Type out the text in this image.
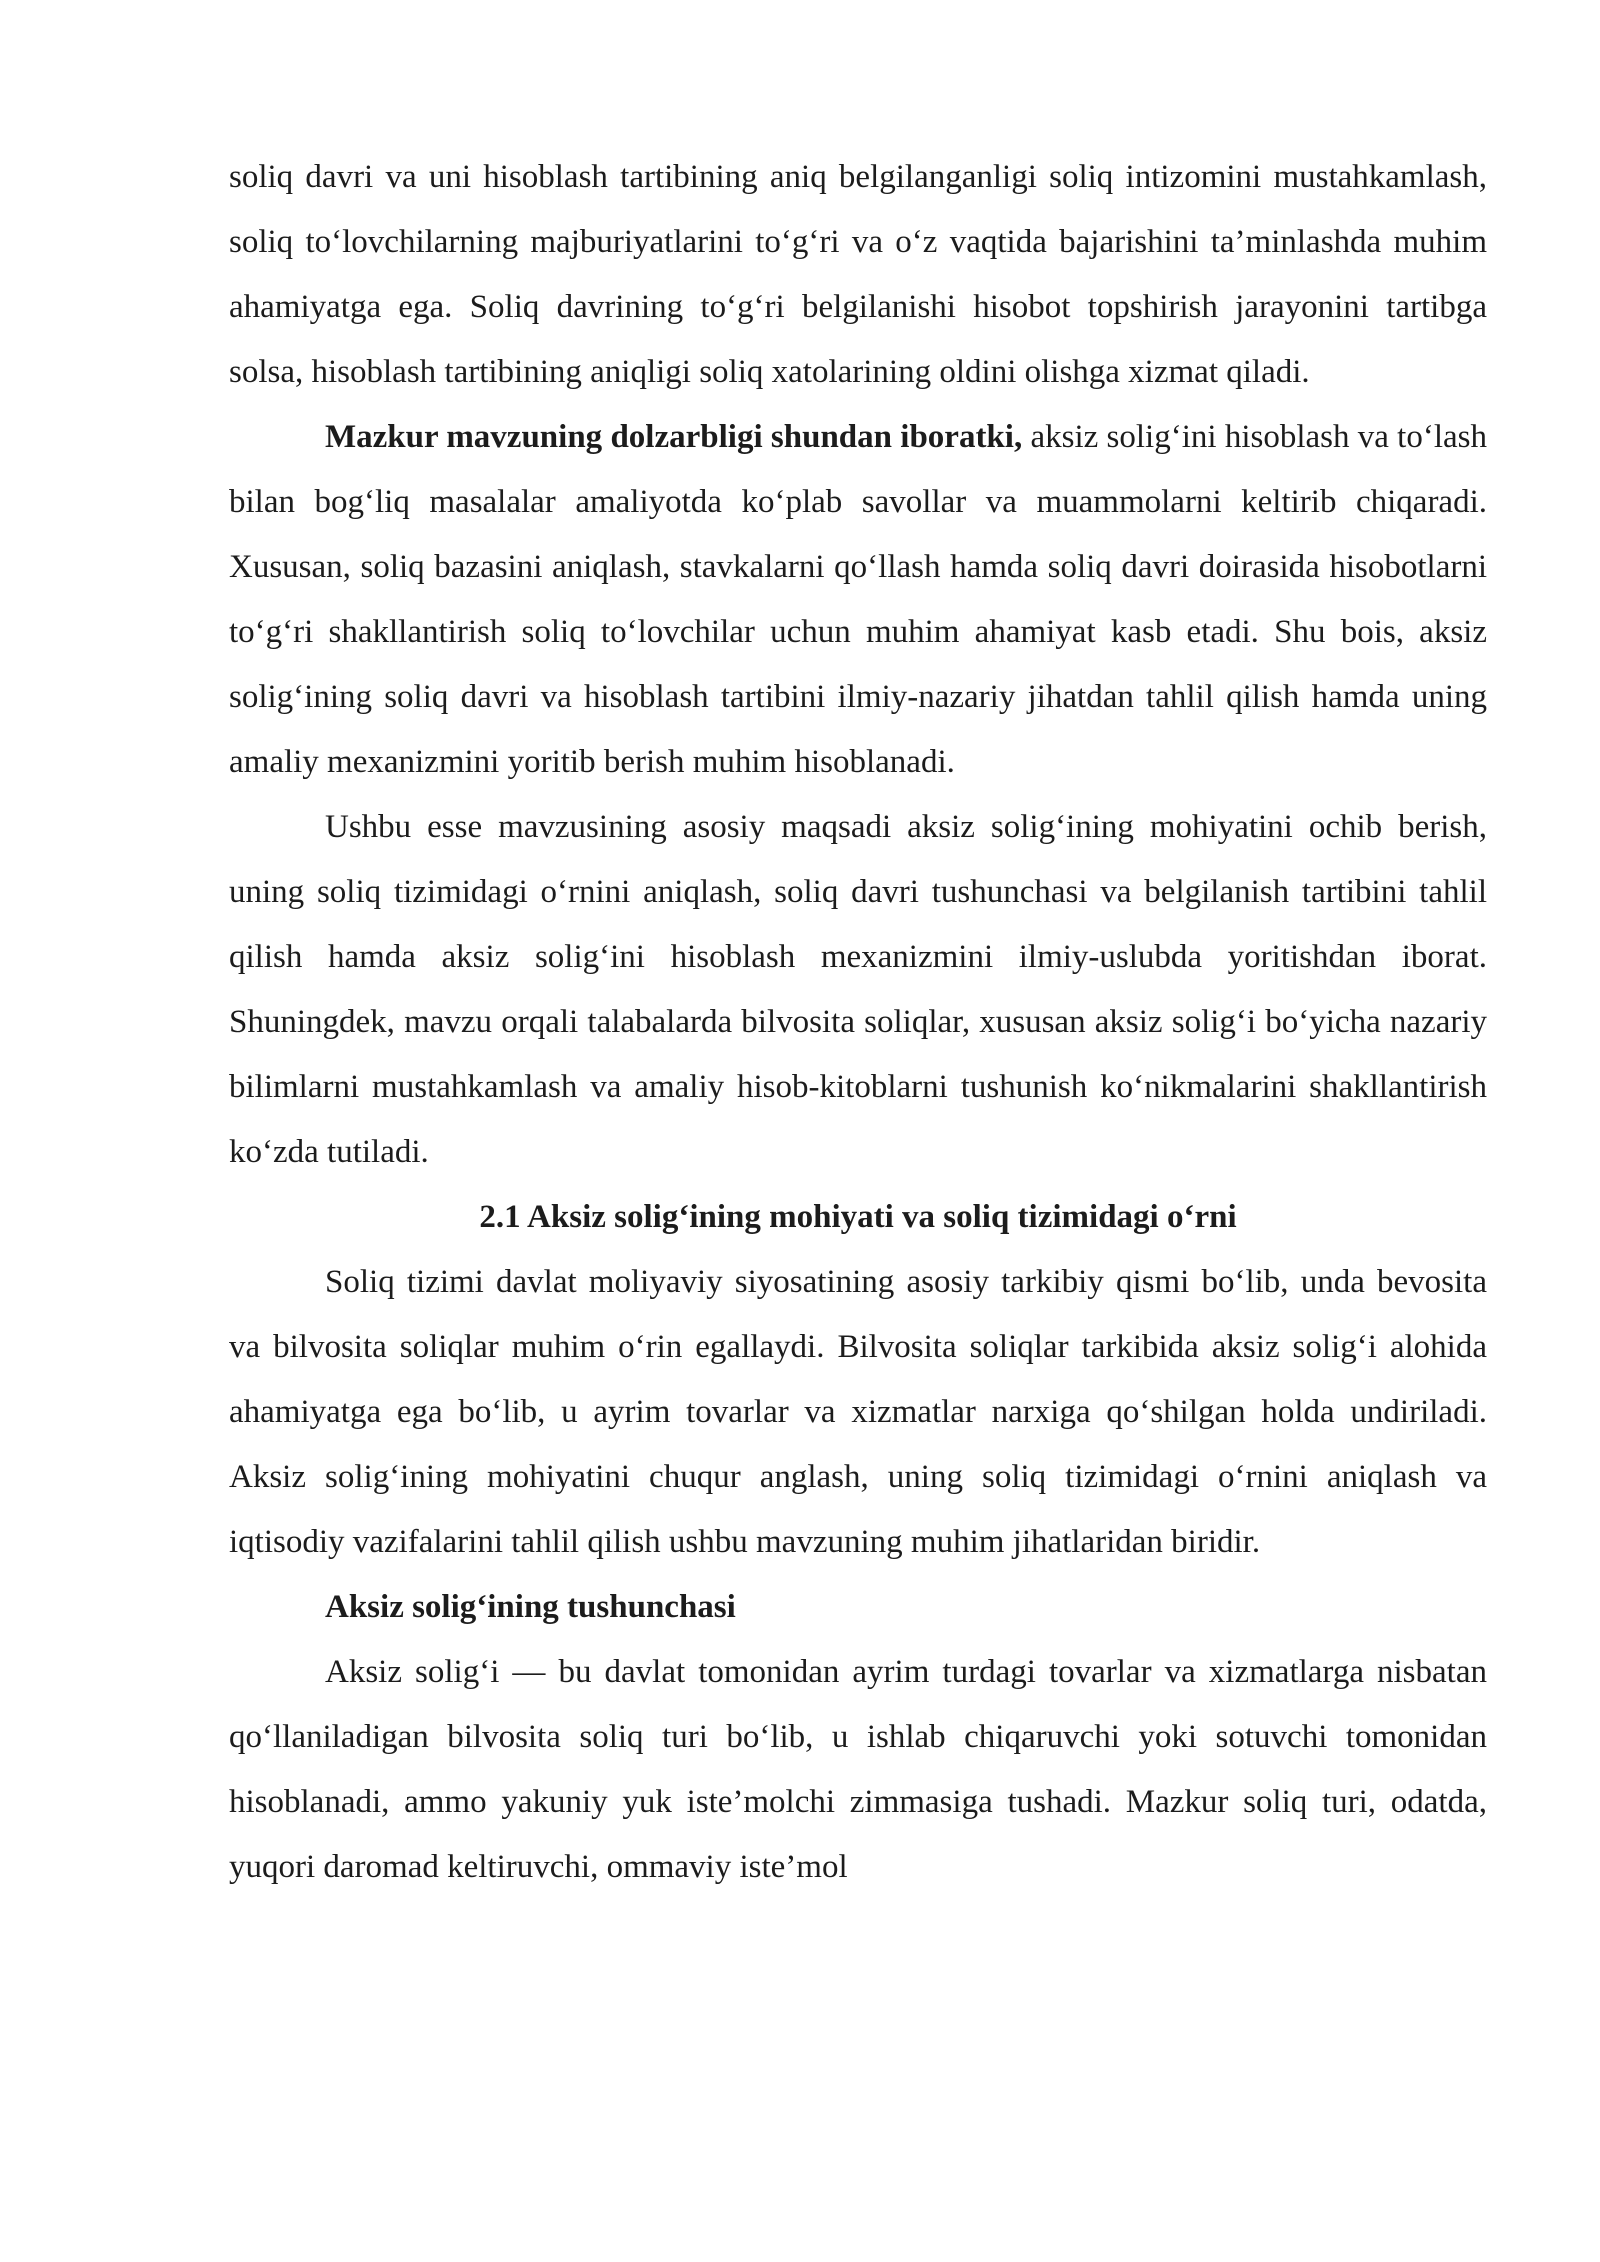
soliq davri va uni hisoblash tartibining aniq belgilanganligi soliq intizomini mustahkamlash, soliq to‘lovchilarning majburiyatlarini to‘g‘ri va o‘z vaqtida bajarishini ta’minlashda muhim ahamiyatga ega. Soliq davrining to‘g‘ri belgilanishi hisobot topshirish jarayonini tartibga solsa, hisoblash tartibining aniqligi soliq xatolarining oldini olishga xizmat qiladi.

Mazkur mavzuning dolzarbligi shundan iboratki, aksiz solig‘ini hisoblash va to‘lash bilan bog‘liq masalalar amaliyotda ko‘plab savollar va muammolarni keltirib chiqaradi. Xususan, soliq bazasini aniqlash, stavkalarni qo‘llash hamda soliq davri doirasida hisobotlarni to‘g‘ri shakllantirish soliq to‘lovchilar uchun muhim ahamiyat kasb etadi. Shu bois, aksiz solig‘ining soliq davri va hisoblash tartibini ilmiy-nazariy jihatdan tahlil qilish hamda uning amaliy mexanizmini yoritib berish muhim hisoblanadi.

Ushbu esse mavzusining asosiy maqsadi aksiz solig‘ining mohiyatini ochib berish, uning soliq tizimidagi o‘rnini aniqlash, soliq davri tushunchasi va belgilanish tartibini tahlil qilish hamda aksiz solig‘ini hisoblash mexanizmini ilmiy-uslubda yoritishdan iborat. Shuningdek, mavzu orqali talabalarda bilvosita soliqlar, xususan aksiz solig‘i bo‘yicha nazariy bilimlarni mustahkamlash va amaliy hisob-kitoblarni tushunish ko‘nikmalarini shakllantirish ko‘zda tutiladi.

2.1 Aksiz solig‘ining mohiyati va soliq tizimidagi o‘rni

Soliq tizimi davlat moliyaviy siyosatining asosiy tarkibiy qismi bo‘lib, unda bevosita va bilvosita soliqlar muhim o‘rin egallaydi. Bilvosita soliqlar tarkibida aksiz solig‘i alohida ahamiyatga ega bo‘lib, u ayrim tovarlar va xizmatlar narxiga qo‘shilgan holda undiriladi. Aksiz solig‘ining mohiyatini chuqur anglash, uning soliq tizimidagi o‘rnini aniqlash va iqtisodiy vazifalarini tahlil qilish ushbu mavzuning muhim jihatlaridan biridir.

Aksiz solig‘ining tushunchasi

Aksiz solig‘i — bu davlat tomonidan ayrim turdagi tovarlar va xizmatlarga nisbatan qo‘llaniladigan bilvosita soliq turi bo‘lib, u ishlab chiqaruvchi yoki sotuvchi tomonidan hisoblanadi, ammo yakuniy yuk iste’molchi zimmasiga tushadi. Mazkur soliq turi, odatda, yuqori daromad keltiruvchi, ommaviy iste’mol
